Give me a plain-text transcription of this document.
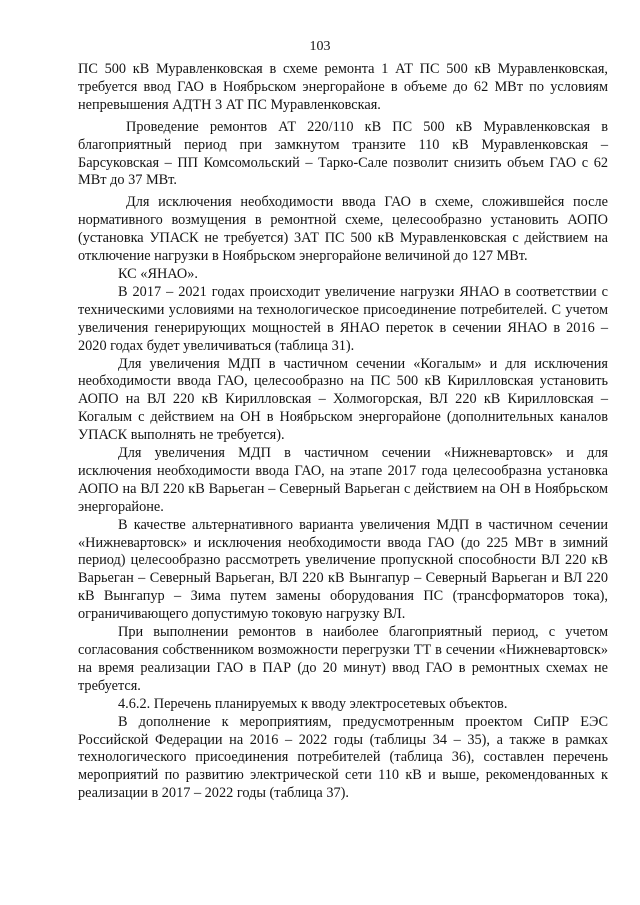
103

ПС 500 кВ Муравленковская в схеме ремонта 1 АТ ПС 500 кВ Муравленковская, требуется ввод ГАО в Ноябрьском энергорайоне в объеме до 62 МВт по условиям непревышения АДТН 3 АТ ПС Муравленковская.

Проведение ремонтов АТ 220/110 кВ ПС 500 кВ Муравленковская в благоприятный период при замкнутом транзите 110 кВ Муравленковская – Барсуковская – ПП Комсомольский – Тарко-Сале позволит снизить объем ГАО с 62 МВт до 37 МВт.

Для исключения необходимости ввода ГАО в схеме, сложившейся после нормативного возмущения в ремонтной схеме, целесообразно установить АОПО (установка УПАСК не требуется) 3АТ ПС 500 кВ Муравленковская с действием на отключение нагрузки в Ноябрьском энергорайоне величиной до 127 МВт.

КС «ЯНАО».

В 2017 – 2021 годах происходит увеличение нагрузки ЯНАО в соответствии с техническими условиями на технологическое присоединение потребителей. С учетом увеличения генерирующих мощностей в ЯНАО переток в сечении ЯНАО в 2016 – 2020 годах будет увеличиваться (таблица 31).

Для увеличения МДП в частичном сечении «Когалым» и для исключения необходимости ввода ГАО, целесообразно на ПС 500 кВ Кирилловская установить АОПО на ВЛ 220 кВ Кирилловская – Холмогорская, ВЛ 220 кВ Кирилловская – Когалым с действием на ОН в Ноябрьском энергорайоне (дополнительных каналов УПАСК выполнять не требуется).

Для увеличения МДП в частичном сечении «Нижневартовск» и для исключения необходимости ввода ГАО, на этапе 2017 года целесообразна установка АОПО на ВЛ 220 кВ Варьеган – Северный Варьеган с действием на ОН в Ноябрьском энергорайоне.

В качестве альтернативного варианта увеличения МДП в частичном сечении «Нижневартовск» и исключения необходимости ввода ГАО (до 225 МВт в зимний период) целесообразно рассмотреть увеличение пропускной способности ВЛ 220 кВ Варьеган – Северный Варьеган, ВЛ 220 кВ Вынгапур – Северный Варьеган и ВЛ 220 кВ Вынгапур – Зима путем замены оборудования ПС (трансформаторов тока), ограничивающего допустимую токовую нагрузку ВЛ.

При выполнении ремонтов в наиболее благоприятный период, с учетом согласования собственником возможности перегрузки ТТ в сечении «Нижневартовск» на время реализации ГАО в ПАР (до 20 минут) ввод ГАО в ремонтных схемах не требуется.

4.6.2. Перечень планируемых к вводу электросетевых объектов.

В дополнение к мероприятиям, предусмотренным проектом СиПР ЕЭС Российской Федерации на 2016 – 2022 годы (таблицы 34 – 35), а также в рамках технологического присоединения потребителей (таблица 36), составлен перечень мероприятий по развитию электрической сети 110 кВ и выше, рекомендованных к реализации в 2017 – 2022 годы (таблица 37).
